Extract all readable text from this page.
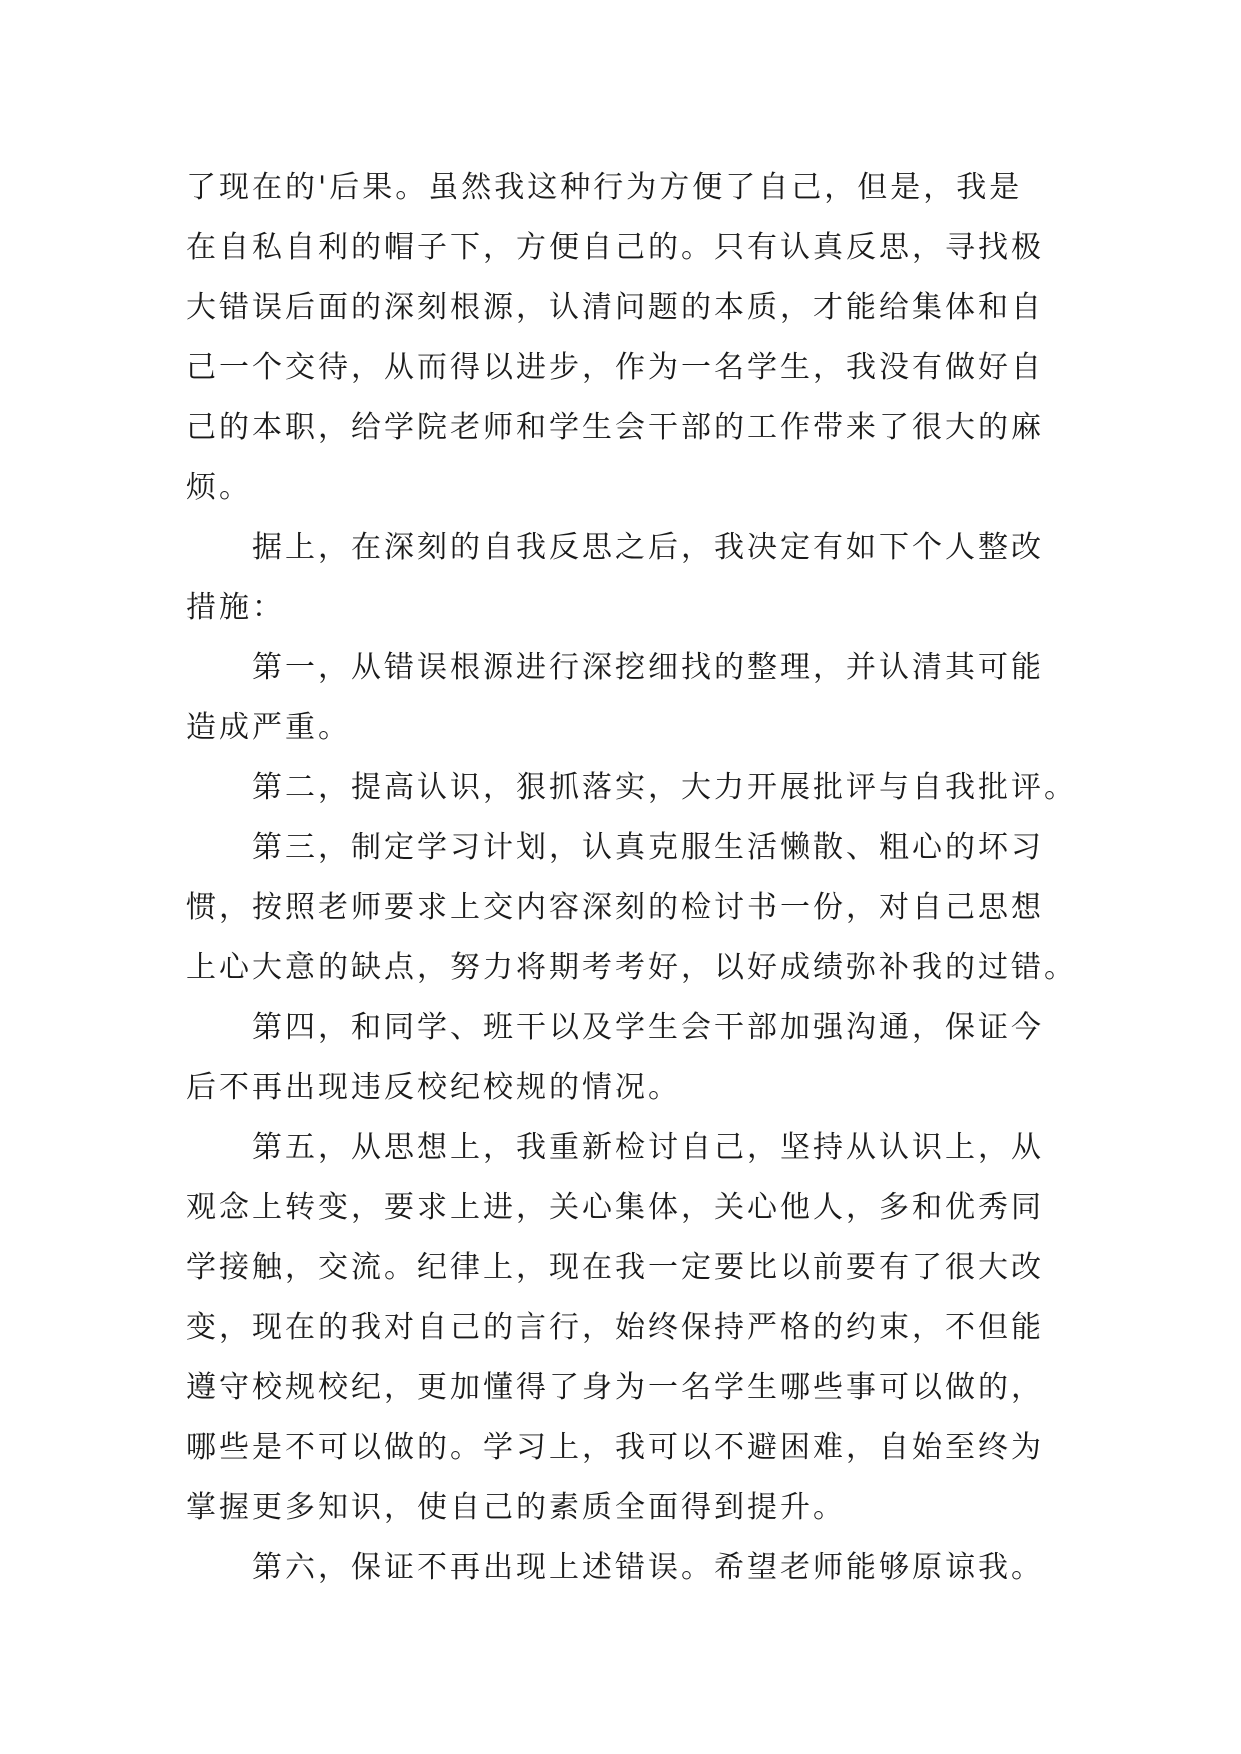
了现在的'后果。虽然我这种行为方便了自己，但是，我是
在自私自利的帽子下，方便自己的。只有认真反思，寻找极
大错误后面的深刻根源，认清问题的本质，才能给集体和自
己一个交待，从而得以进步，作为一名学生，我没有做好自
己的本职，给学院老师和学生会干部的工作带来了很大的麻
烦。
据上，在深刻的自我反思之后，我决定有如下个人整改
措施：
第一，从错误根源进行深挖细找的整理，并认清其可能
造成严重。
第二，提高认识，狠抓落实，大力开展批评与自我批评。
第三，制定学习计划，认真克服生活懒散、粗心的坏习
惯，按照老师要求上交内容深刻的检讨书一份，对自己思想
上心大意的缺点，努力将期考考好，以好成绩弥补我的过错。
第四，和同学、班干以及学生会干部加强沟通，保证今
后不再出现违反校纪校规的情况。
第五，从思想上，我重新检讨自己，坚持从认识上，从
观念上转变，要求上进，关心集体，关心他人，多和优秀同
学接触，交流。纪律上，现在我一定要比以前要有了很大改
变，现在的我对自己的言行，始终保持严格的约束，不但能
遵守校规校纪，更加懂得了身为一名学生哪些事可以做的，
哪些是不可以做的。学习上，我可以不避困难，自始至终为
掌握更多知识，使自己的素质全面得到提升。
第六，保证不再出现上述错误。希望老师能够原谅我。
